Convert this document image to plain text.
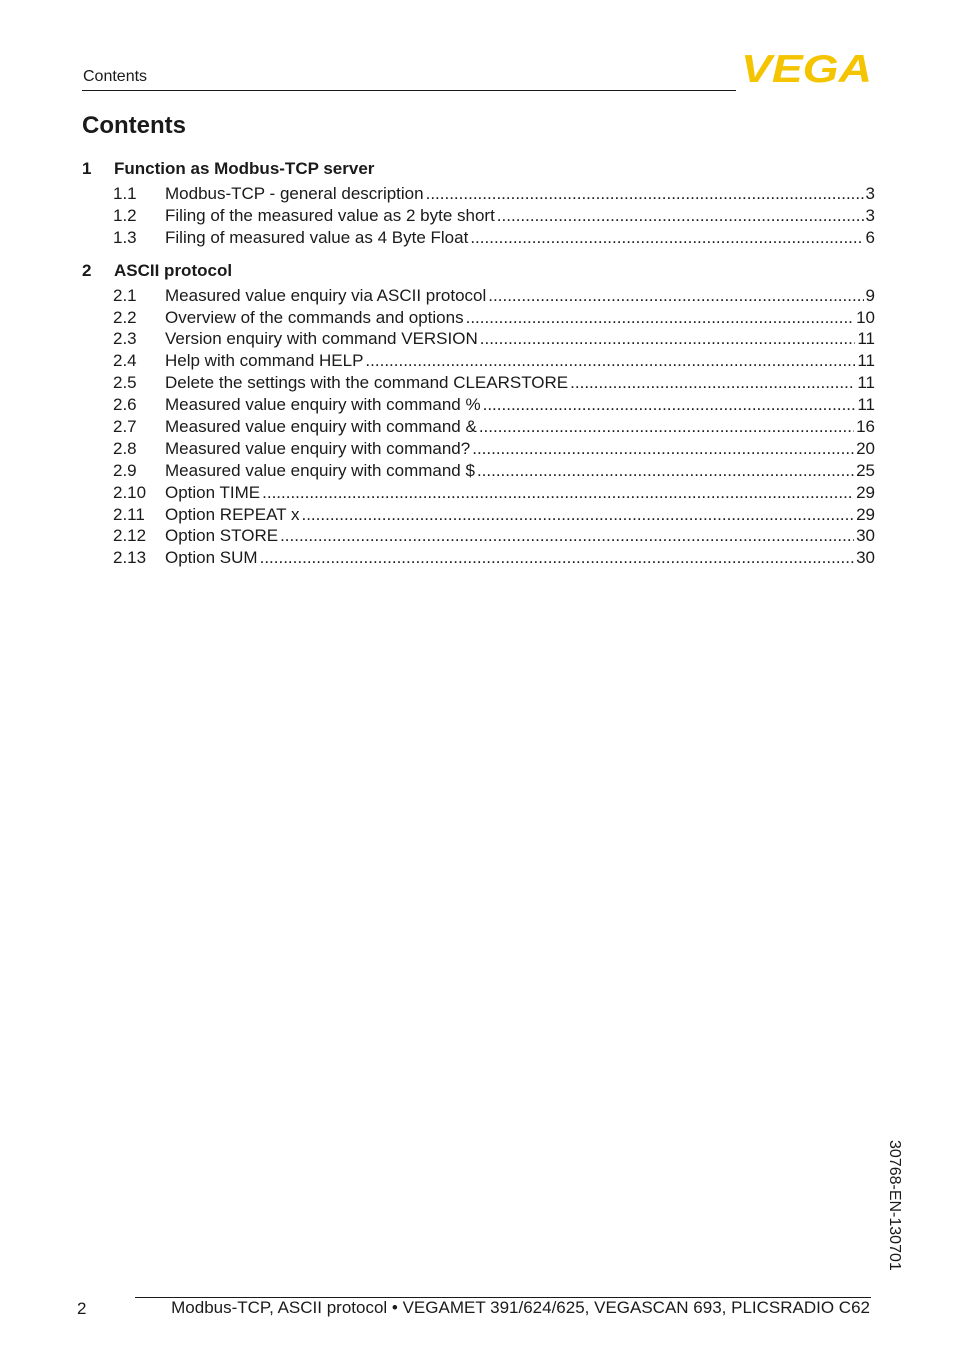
Contents	VEGA
Contents
1	Function as Modbus-TCP server
1.1	Modbus-TCP - general description .....	3
1.2	Filing of the measured value as 2 byte short .....	3
1.3	Filing of measured value as 4 Byte Float .....	6
2	ASCII protocol
2.1	Measured value enquiry via ASCII protocol .....	9
2.2	Overview of the commands and options .....	10
2.3	Version enquiry with command VERSION .....	11
2.4	Help with command HELP .....	11
2.5	Delete the settings with the command CLEARSTORE .....	11
2.6	Measured value enquiry with command % .....	11
2.7	Measured value enquiry with command & .....	16
2.8	Measured value enquiry with command? .....	20
2.9	Measured value enquiry with command $ .....	25
2.10	Option TIME .....	29
2.11	Option REPEAT x .....	29
2.12	Option STORE .....	30
2.13	Option SUM .....	30
30768-EN-130701
2	Modbus-TCP, ASCII protocol • VEGAMET 391/624/625, VEGASCAN 693, PLICSRADIO C62
